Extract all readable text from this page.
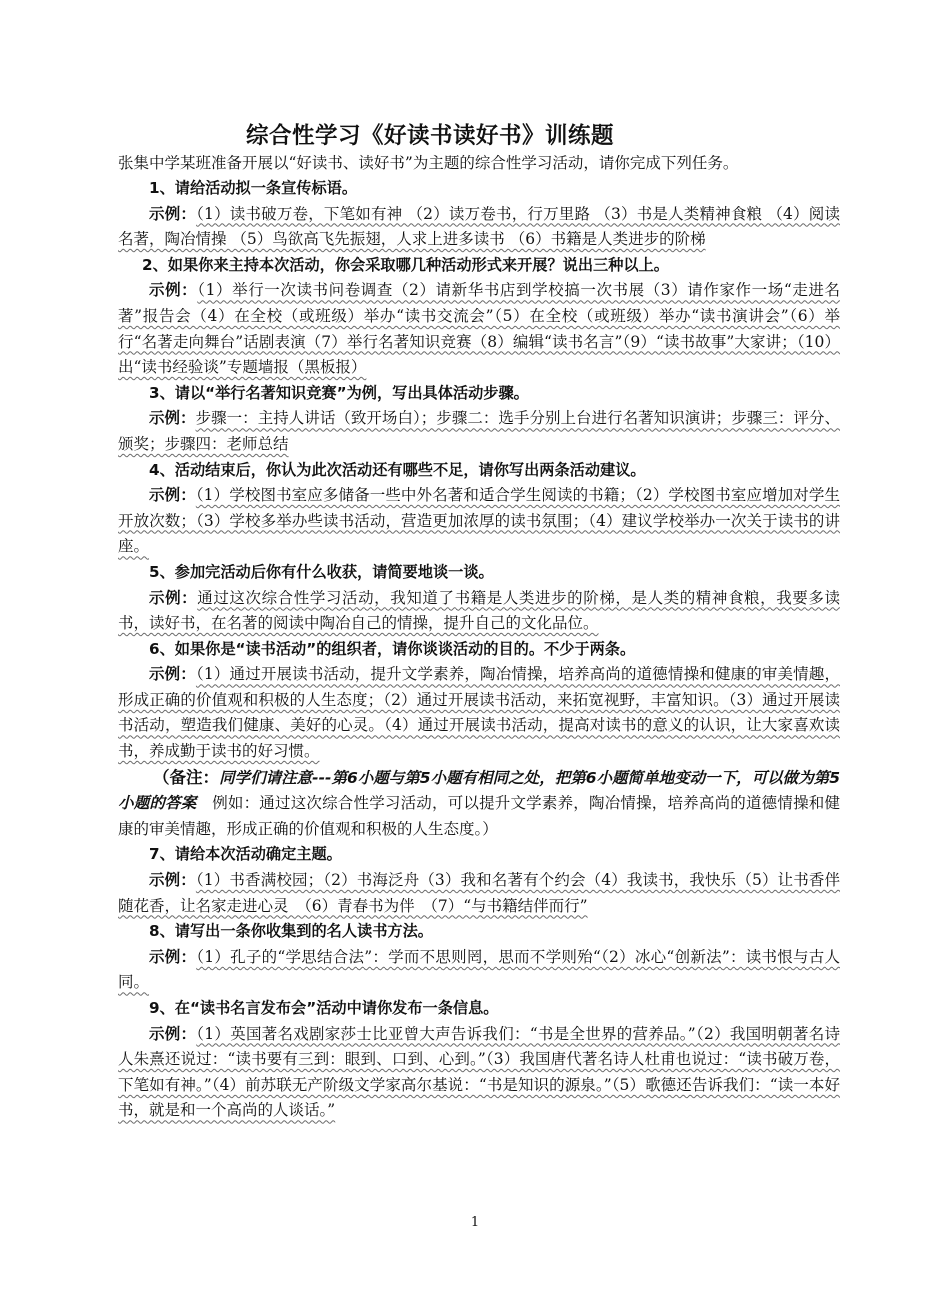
综合性学习《好读书读好书》训练题
张集中学某班准备开展以“好读书、读好书”为主题的综合性学习活动，请你完成下列任务。

1、请给活动拟一条宣传标语。

示例：（1）读书破万卷，下笔如有神 （2）读万卷书，行万里路 （3）书是人类精神食粮 （4）阅读名著，陶冶情操 （5）鸟欲高飞先振翅，人求上进多读书 （6）书籍是人类进步的阶梯

2、如果你来主持本次活动，你会采取哪几种活动形式来开展？说出三种以上。

示例：（1）举行一次读书问卷调查（2）请新华书店到学校搞一次书展（3）请作家作一场“走进名著”报告会（4）在全校（或班级）举办“读书交流会”（5）在全校（或班级）举办“读书演讲会”（6）举行“名著走向舞台”话剧表演（7）举行名著知识竞赛（8）编辑“读书名言”（9）“读书故事”大家讲；（10）出“读书经验谈”专题墙报（黑板报）

3、请以“举行名著知识竞赛”为例，写出具体活动步骤。

示例：步骤一：主持人讲话（致开场白）；步骤二：选手分别上台进行名著知识演讲；步骤三：评分、颁奖；步骤四：老师总结

4、活动结束后，你认为此次活动还有哪些不足，请你写出两条活动建议。

示例：（1）学校图书室应多储备一些中外名著和适合学生阅读的书籍；（2）学校图书室应增加对学生开放次数；（3）学校多举办些读书活动，营造更加浓厚的读书氛围；（4）建议学校举办一次关于读书的讲座。

5、参加完活动后你有什么收获，请简要地谈一谈。

示例：通过这次综合性学习活动，我知道了书籍是人类进步的阶梯，是人类的精神食粮，我要多读书，读好书，在名著的阅读中陶冶自己的情操，提升自己的文化品位。

6、如果你是“读书活动”的组织者，请你谈谈活动的目的。不少于两条。

示例：（1）通过开展读书活动，提升文学素养，陶冶情操，培养高尚的道德情操和健康的审美情趣，形成正确的价值观和积极的人生态度；（2）通过开展读书活动，来拓宽视野，丰富知识。（3）通过开展读书活动，塑造我们健康、美好的心灵。（4）通过开展读书活动，提高对读书的意义的认识，让大家喜欢读书，养成勤于读书的好习惯。

（备注：同学们请注意---第6小题与第5小题有相同之处，把第6小题简单地变动一下，可以做为第5小题的答案　例如：通过这次综合性学习活动，可以提升文学素养，陶冶情操，培养高尚的道德情操和健康的审美情趣，形成正确的价值观和积极的人生态度。）

7、请给本次活动确定主题。

示例：（1）书香满校园；（2）书海泛舟（3）我和名著有个约会（4）我读书，我快乐（5）让书香伴随花香，让名家走进心灵　（6）青春书为伴　（7）“与书籍结伴而行”

8、请写出一条你收集到的名人读书方法。

示例：（1）孔子的“学思结合法”：学而不思则罔，思而不学则殆“（2）冰心“创新法”：读书恨与古人同。

9、在“读书名言发布会”活动中请你发布一条信息。

示例：（1）英国著名戏剧家莎士比亚曾大声告诉我们：“书是全世界的营养品。”（2）我国明朝著名诗人朱熹还说过：“读书要有三到：眼到、口到、心到。”（3）我国唐代著名诗人杜甫也说过：“读书破万卷，下笔如有神。”（4）前苏联无产阶级文学家高尔基说：“书是知识的源泉。”（5）歌德还告诉我们：“读一本好书，就是和一个高尚的人谈话。”

1
